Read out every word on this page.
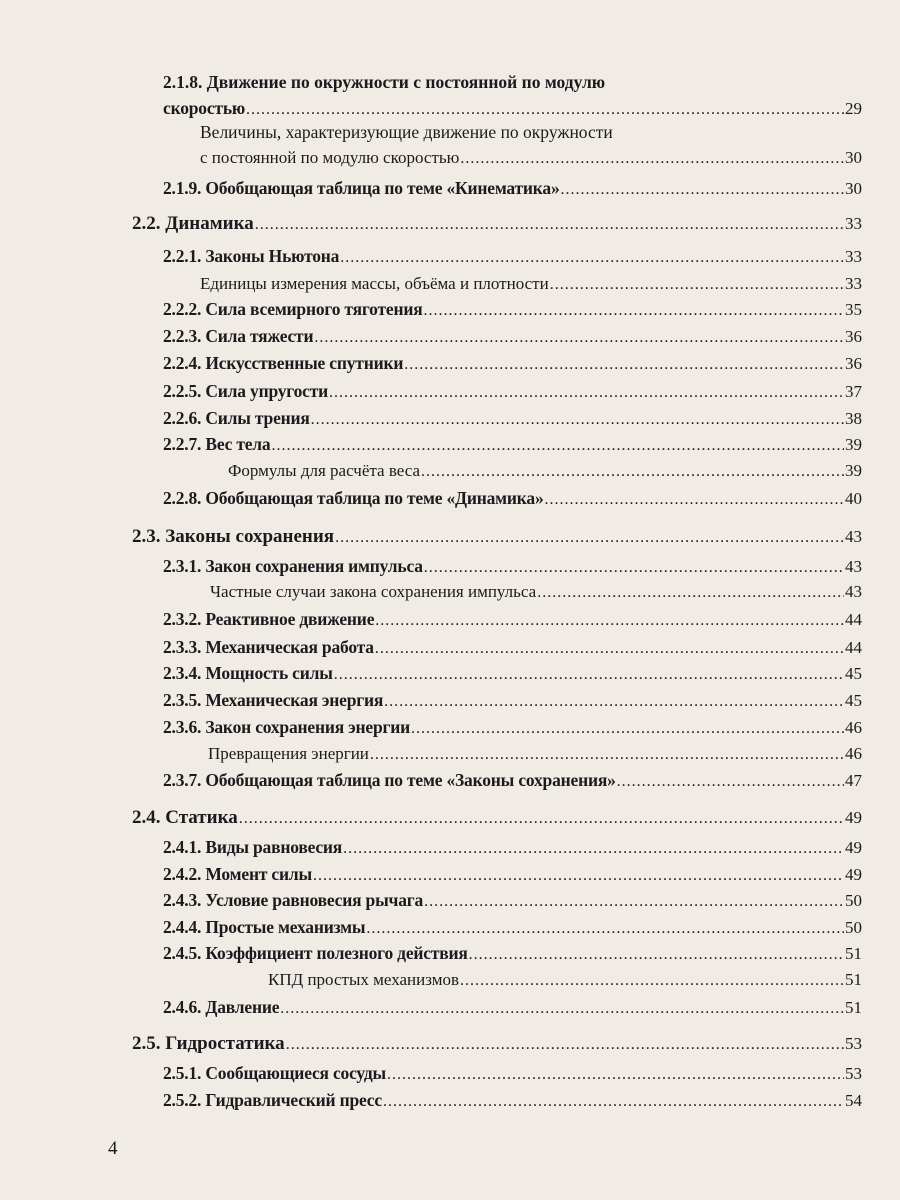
2.1.8. Движение по окружности с постоянной по модулю
скоростью .....	29
Величины, характеризующие движение по окружности
с постоянной по модулю скоростью .....	30
2.1.9. Обобщающая таблица по теме «Кинематика» .....	30
2.2. Динамика .....	33
2.2.1. Законы Ньютона .....	33
Единицы измерения массы, объёма и плотности .....	33
2.2.2. Сила всемирного тяготения .....	35
2.2.3. Сила тяжести .....	36
2.2.4. Искусственные спутники .....	36
2.2.5. Сила упругости .....	37
2.2.6. Силы трения .....	38
2.2.7. Вес тела .....	39
Формулы для расчёта веса .....	39
2.2.8. Обобщающая таблица по теме «Динамика» .....	40
2.3. Законы сохранения .....	43
2.3.1. Закон сохранения импульса .....	43
Частные случаи закона сохранения импульса .....	43
2.3.2. Реактивное движение .....	44
2.3.3. Механическая работа .....	44
2.3.4. Мощность силы .....	45
2.3.5. Механическая энергия .....	45
2.3.6. Закон сохранения энергии .....	46
Превращения энергии .....	46
2.3.7. Обобщающая таблица по теме «Законы сохранения» .....	47
2.4. Статика .....	49
2.4.1. Виды равновесия .....	49
2.4.2. Момент силы .....	49
2.4.3. Условие равновесия рычага .....	50
2.4.4. Простые механизмы .....	50
2.4.5. Коэффициент полезного действия .....	51
КПД простых механизмов .....	51
2.4.6. Давление .....	51
2.5. Гидростатика .....	53
2.5.1. Сообщающиеся сосуды .....	53
2.5.2. Гидравлический пресс .....	54
4
